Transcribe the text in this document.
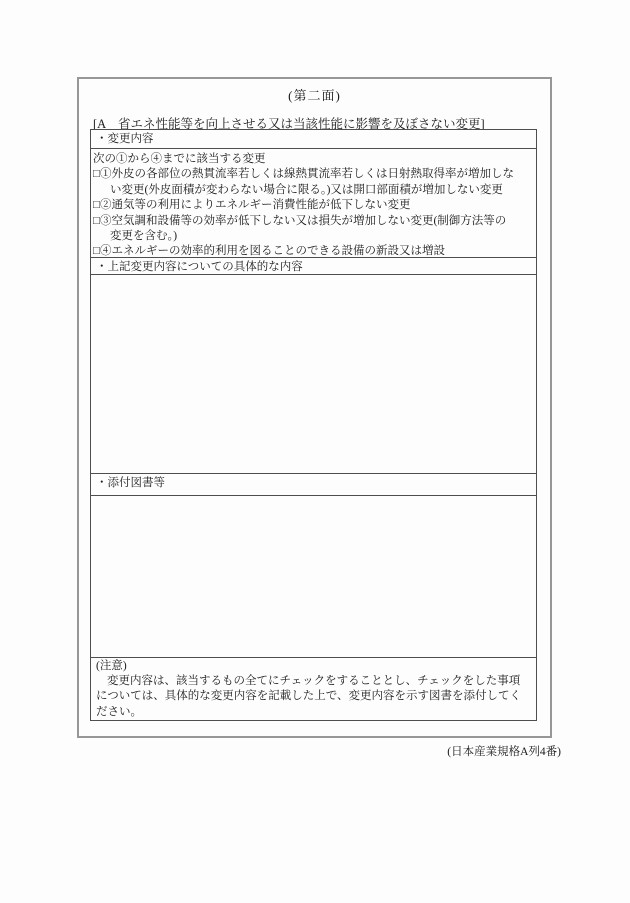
(第二面)
[A　省エネ性能等を向上させる又は当該性能に影響を及ぼさない変更]
・変更内容
次の①から④までに該当する変更
□①外皮の各部位の熱貫流率若しくは線熱貫流率若しくは日射熱取得率が増加しな
い変更(外皮面積が変わらない場合に限る。)又は開口部面積が増加しない変更
□②通気等の利用によりエネルギー消費性能が低下しない変更
□③空気調和設備等の効率が低下しない又は損失が増加しない変更(制御方法等の
変更を含む。)
□④エネルギーの効率的利用を図ることのできる設備の新設又は増設
・上記変更内容についての具体的な内容
・添付図書等
(注意)
変更内容は、該当するもの全てにチェックをすることとし、チェックをした事項
については、具体的な変更内容を記載した上で、変更内容を示す図書を添付してく
ださい。
(日本産業規格A列4番)
